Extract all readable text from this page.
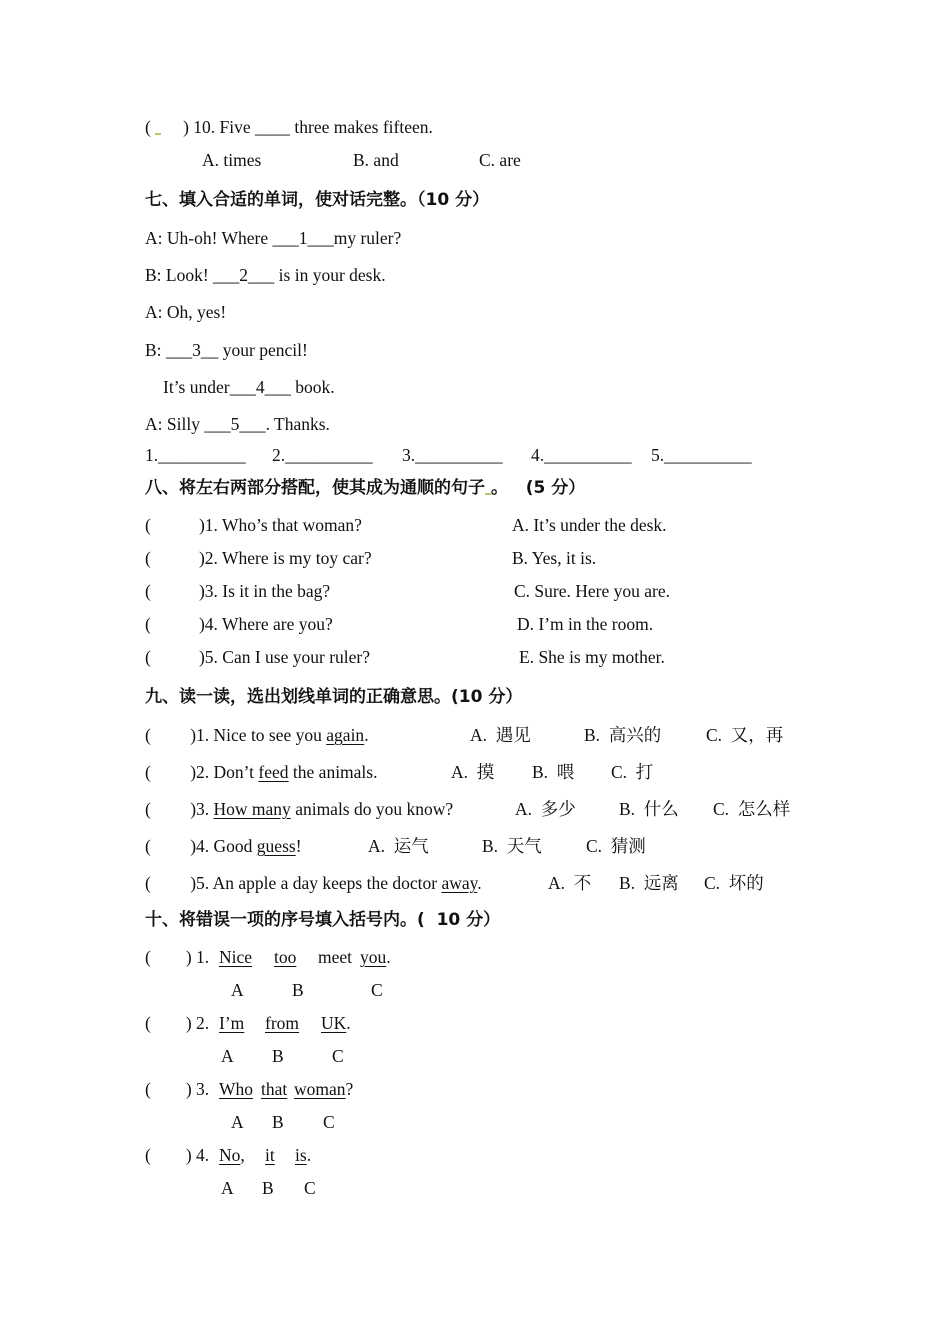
( ) 10. Five ____ three makes fifteen.
A. times	B. and	C. are
七、填入合适的单词，使对话完整。（10 分）
A: Uh-oh! Where ___1___my ruler?
B: Look! ___2___ is in your desk.
A: Oh, yes!
B: ___3__ your pencil!
It’s under___4___ book.
A: Silly ___5___. Thanks.
1.__________ 2.__________ 3.__________ 4.__________ 5.__________
八、将左右两部分搭配，使其成为通顺的句子 。   (5 分）
(           )1. Who’s that woman?	A. It’s under the desk.
(           )2. Where is my toy car?	B. Yes, it is.
(           )3. Is it in the bag?	C. Sure. Here you are.
(           )4. Where are you?	D. I’m in the room.
(           )5. Can I use your ruler?	E. She is my mother.
九、读一读，选出划线单词的正确意思。(10 分）
(         )1. Nice to see you again.	A.  遇见	B.  高兴的	C.  又，再
(         )2. Don’t feed the animals.	A.  摸 B.  喂 C.  打
(         )3. How many animals do you know?	A.  多少 B.  什么 C.  怎么样
(         )4. Good guess!	A.  运气	B.  天气	C.  猜测
(         )5. An apple a day keeps the doctor away.	A.  不 B.  远离 C.  坏的
十、将错误一项的序号填入括号内。(  10 分）
(        ) 1. Nice too meet you.
A	B	C
(        ) 2. I’m from UK.
A B	C
(        ) 3. Who that woman?
A B C
(        ) 4. No, it is.
A B C
